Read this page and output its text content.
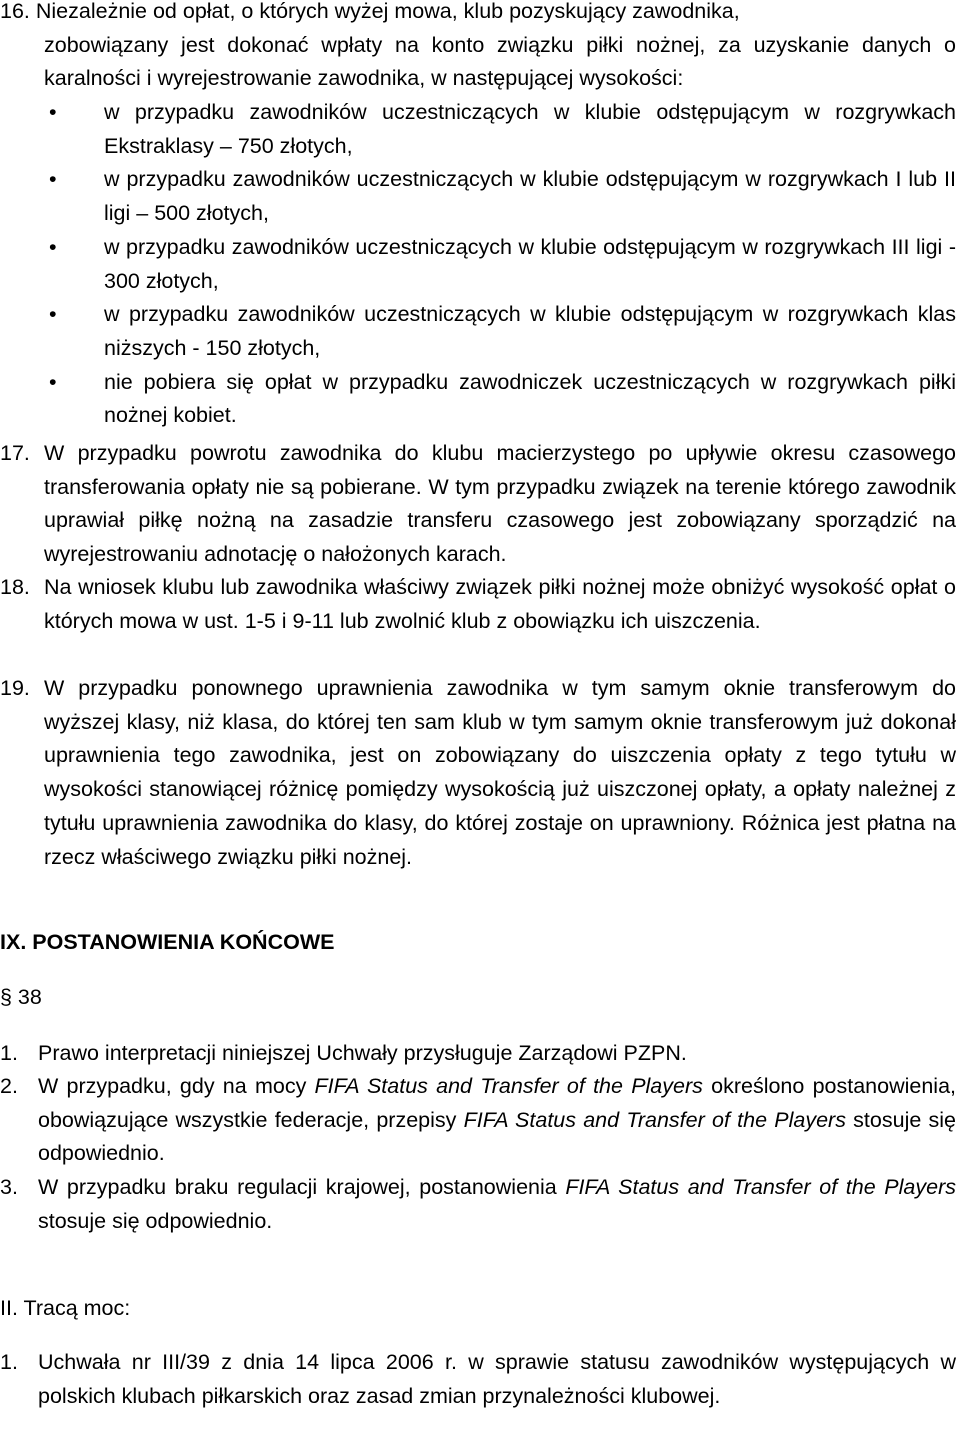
16. Niezależnie od opłat, o których wyżej mowa, klub pozyskujący zawodnika,
zobowiązany jest dokonać wpłaty na konto związku piłki nożnej, za uzyskanie danych o karalności i wyrejestrowanie zawodnika, w następującej wysokości:
• w przypadku zawodników uczestniczących w klubie odstępującym w rozgrywkach Ekstraklasy – 750 złotych,
• w przypadku zawodników uczestniczących w klubie odstępującym w rozgrywkach I lub II ligi – 500 złotych,
• w przypadku zawodników uczestniczących w klubie odstępującym w rozgrywkach III ligi - 300 złotych,
• w przypadku zawodników uczestniczących w klubie odstępującym w rozgrywkach klas niższych - 150 złotych,
• nie pobiera się opłat w przypadku zawodniczek uczestniczących w rozgrywkach piłki nożnej kobiet.
17. W przypadku powrotu zawodnika do klubu macierzystego po upływie okresu czasowego transferowania opłaty nie są pobierane. W tym przypadku związek na terenie którego zawodnik uprawiał piłkę nożną na zasadzie transferu czasowego jest zobowiązany sporządzić na wyrejestrowaniu adnotację o nałożonych karach.
18. Na wniosek klubu lub zawodnika właściwy związek piłki nożnej może obniżyć wysokość opłat o których mowa w ust. 1-5 i 9-11 lub zwolnić klub z obowiązku ich uiszczenia.
19. W przypadku ponownego uprawnienia zawodnika w tym samym oknie transferowym do wyższej klasy, niż klasa, do której ten sam klub w tym samym oknie transferowym już dokonał uprawnienia tego zawodnika, jest on zobowiązany do uiszczenia opłaty z tego tytułu w wysokości stanowiącej różnicę pomiędzy wysokością już uiszczonej opłaty, a opłaty należnej z tytułu uprawnienia zawodnika do klasy, do której zostaje on uprawniony. Różnica jest płatna na rzecz właściwego związku piłki nożnej.
IX. POSTANOWIENIA KOŃCOWE
§ 38
1. Prawo interpretacji niniejszej Uchwały przysługuje Zarządowi PZPN.
2. W przypadku, gdy na mocy FIFA Status and Transfer of the Players określono postanowienia, obowiązujące wszystkie federacje, przepisy FIFA Status and Transfer of the Players stosuje się odpowiednio.
3. W przypadku braku regulacji krajowej, postanowienia FIFA Status and Transfer of the Players stosuje się odpowiednio.
II. Tracą moc:
1. Uchwała nr III/39 z dnia 14 lipca 2006 r. w sprawie statusu zawodników występujących w polskich klubach piłkarskich oraz zasad zmian przynależności klubowej.
